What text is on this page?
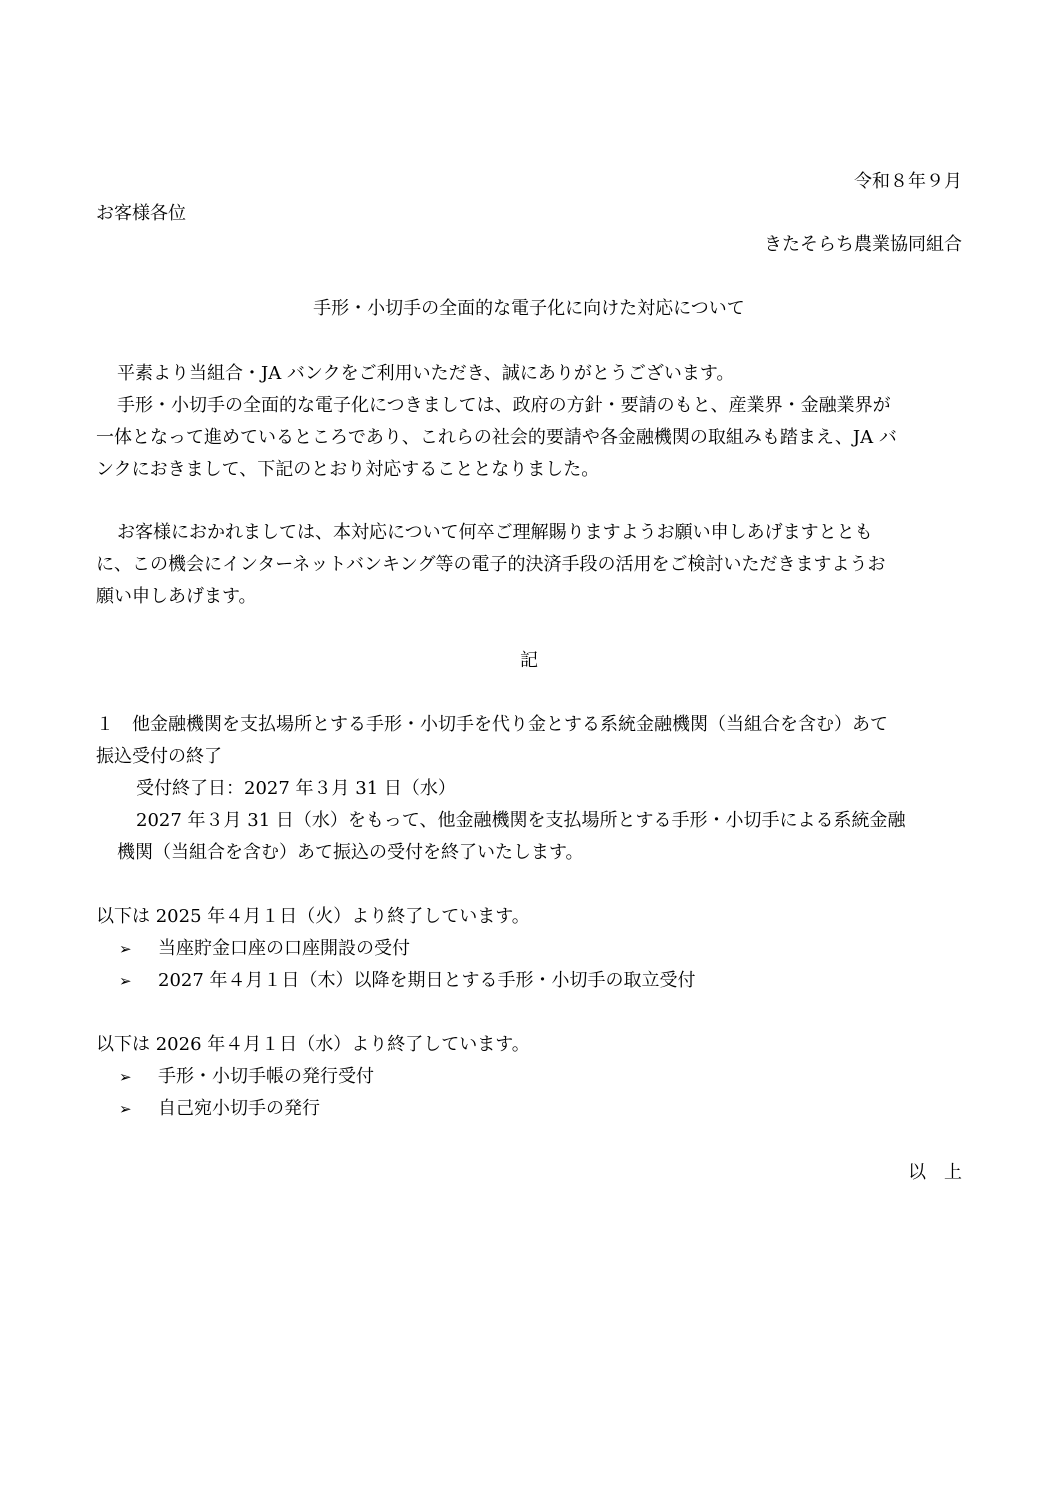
令和８年９月
お客様各位
きたそらち農業協同組合
手形・小切手の全面的な電子化に向けた対応について
平素より当組合・JA バンクをご利用いただき、誠にありがとうございます。
手形・小切手の全面的な電子化につきましては、政府の方針・要請のもと、産業界・金融業界が
一体となって進めているところであり、これらの社会的要請や各金融機関の取組みも踏まえ、JA バ
ンクにおきまして、下記のとおり対応することとなりました。
お客様におかれましては、本対応について何卒ご理解賜りますようお願い申しあげますととも
に、この機会にインターネットバンキング等の電子的決済手段の活用をご検討いただきますようお
願い申しあげます。
記
１　他金融機関を支払場所とする手形・小切手を代り金とする系統金融機関（当組合を含む）あて
振込受付の終了
受付終了日：2027 年３月 31 日（水）
2027 年３月 31 日（水）をもって、他金融機関を支払場所とする手形・小切手による系統金融
機関（当組合を含む）あて振込の受付を終了いたします。
以下は 2025 年４月１日（火）より終了しています。
➢ 当座貯金口座の口座開設の受付
➢ 2027 年４月１日（木）以降を期日とする手形・小切手の取立受付
以下は 2026 年４月１日（水）より終了しています。
➢ 手形・小切手帳の発行受付
➢ 自己宛小切手の発行
以　上
